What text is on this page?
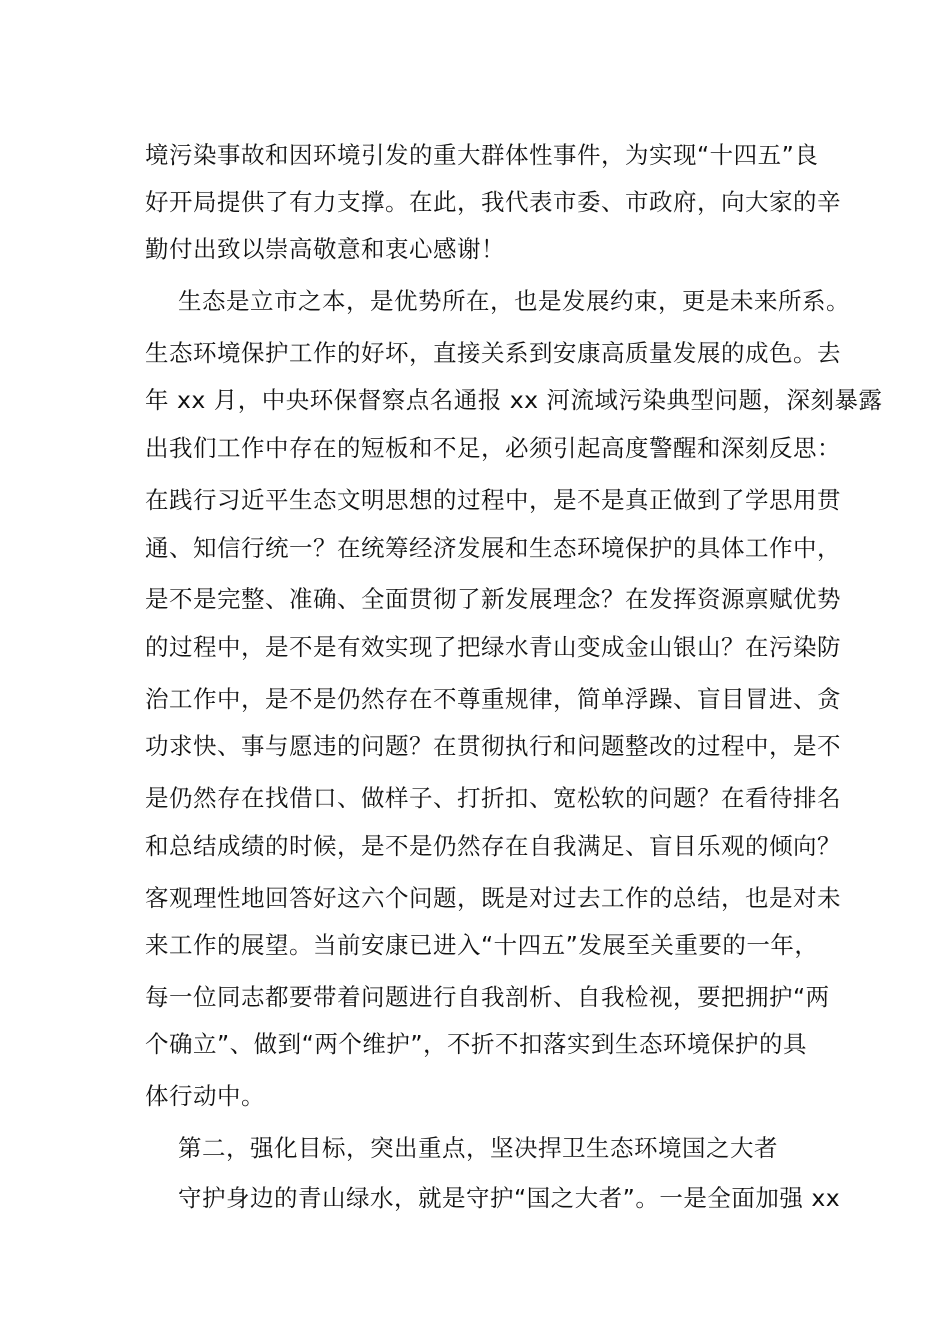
境污染事故和因环境引发的重大群体性事件，为实现“十四五”良
好开局提供了有力支撑。在此，我代表市委、市政府，向大家的辛
勤付出致以崇高敬意和衷心感谢！
生态是立市之本，是优势所在，也是发展约束，更是未来所系。
生态环境保护工作的好坏，直接关系到安康高质量发展的成色。去
年 xx 月，中央环保督察点名通报 xx 河流域污染典型问题，深刻暴露
出我们工作中存在的短板和不足，必须引起高度警醒和深刻反思：
在践行习近平生态文明思想的过程中，是不是真正做到了学思用贯
通、知信行统一？在统筹经济发展和生态环境保护的具体工作中，
是不是完整、准确、全面贯彻了新发展理念？在发挥资源禀赋优势
的过程中，是不是有效实现了把绿水青山变成金山银山？在污染防
治工作中，是不是仍然存在不尊重规律，简单浮躁、盲目冒进、贪
功求快、事与愿违的问题？在贯彻执行和问题整改的过程中，是不
是仍然存在找借口、做样子、打折扣、宽松软的问题？在看待排名
和总结成绩的时候，是不是仍然存在自我满足、盲目乐观的倾向？
客观理性地回答好这六个问题，既是对过去工作的总结，也是对未
来工作的展望。当前安康已进入“十四五”发展至关重要的一年，
每一位同志都要带着问题进行自我剖析、自我检视，要把拥护“两
个确立”、做到“两个维护”，不折不扣落实到生态环境保护的具
体行动中。
第二，强化目标，突出重点，坚决捍卫生态环境国之大者
守护身边的青山绿水，就是守护“国之大者”。一是全面加强 xx
